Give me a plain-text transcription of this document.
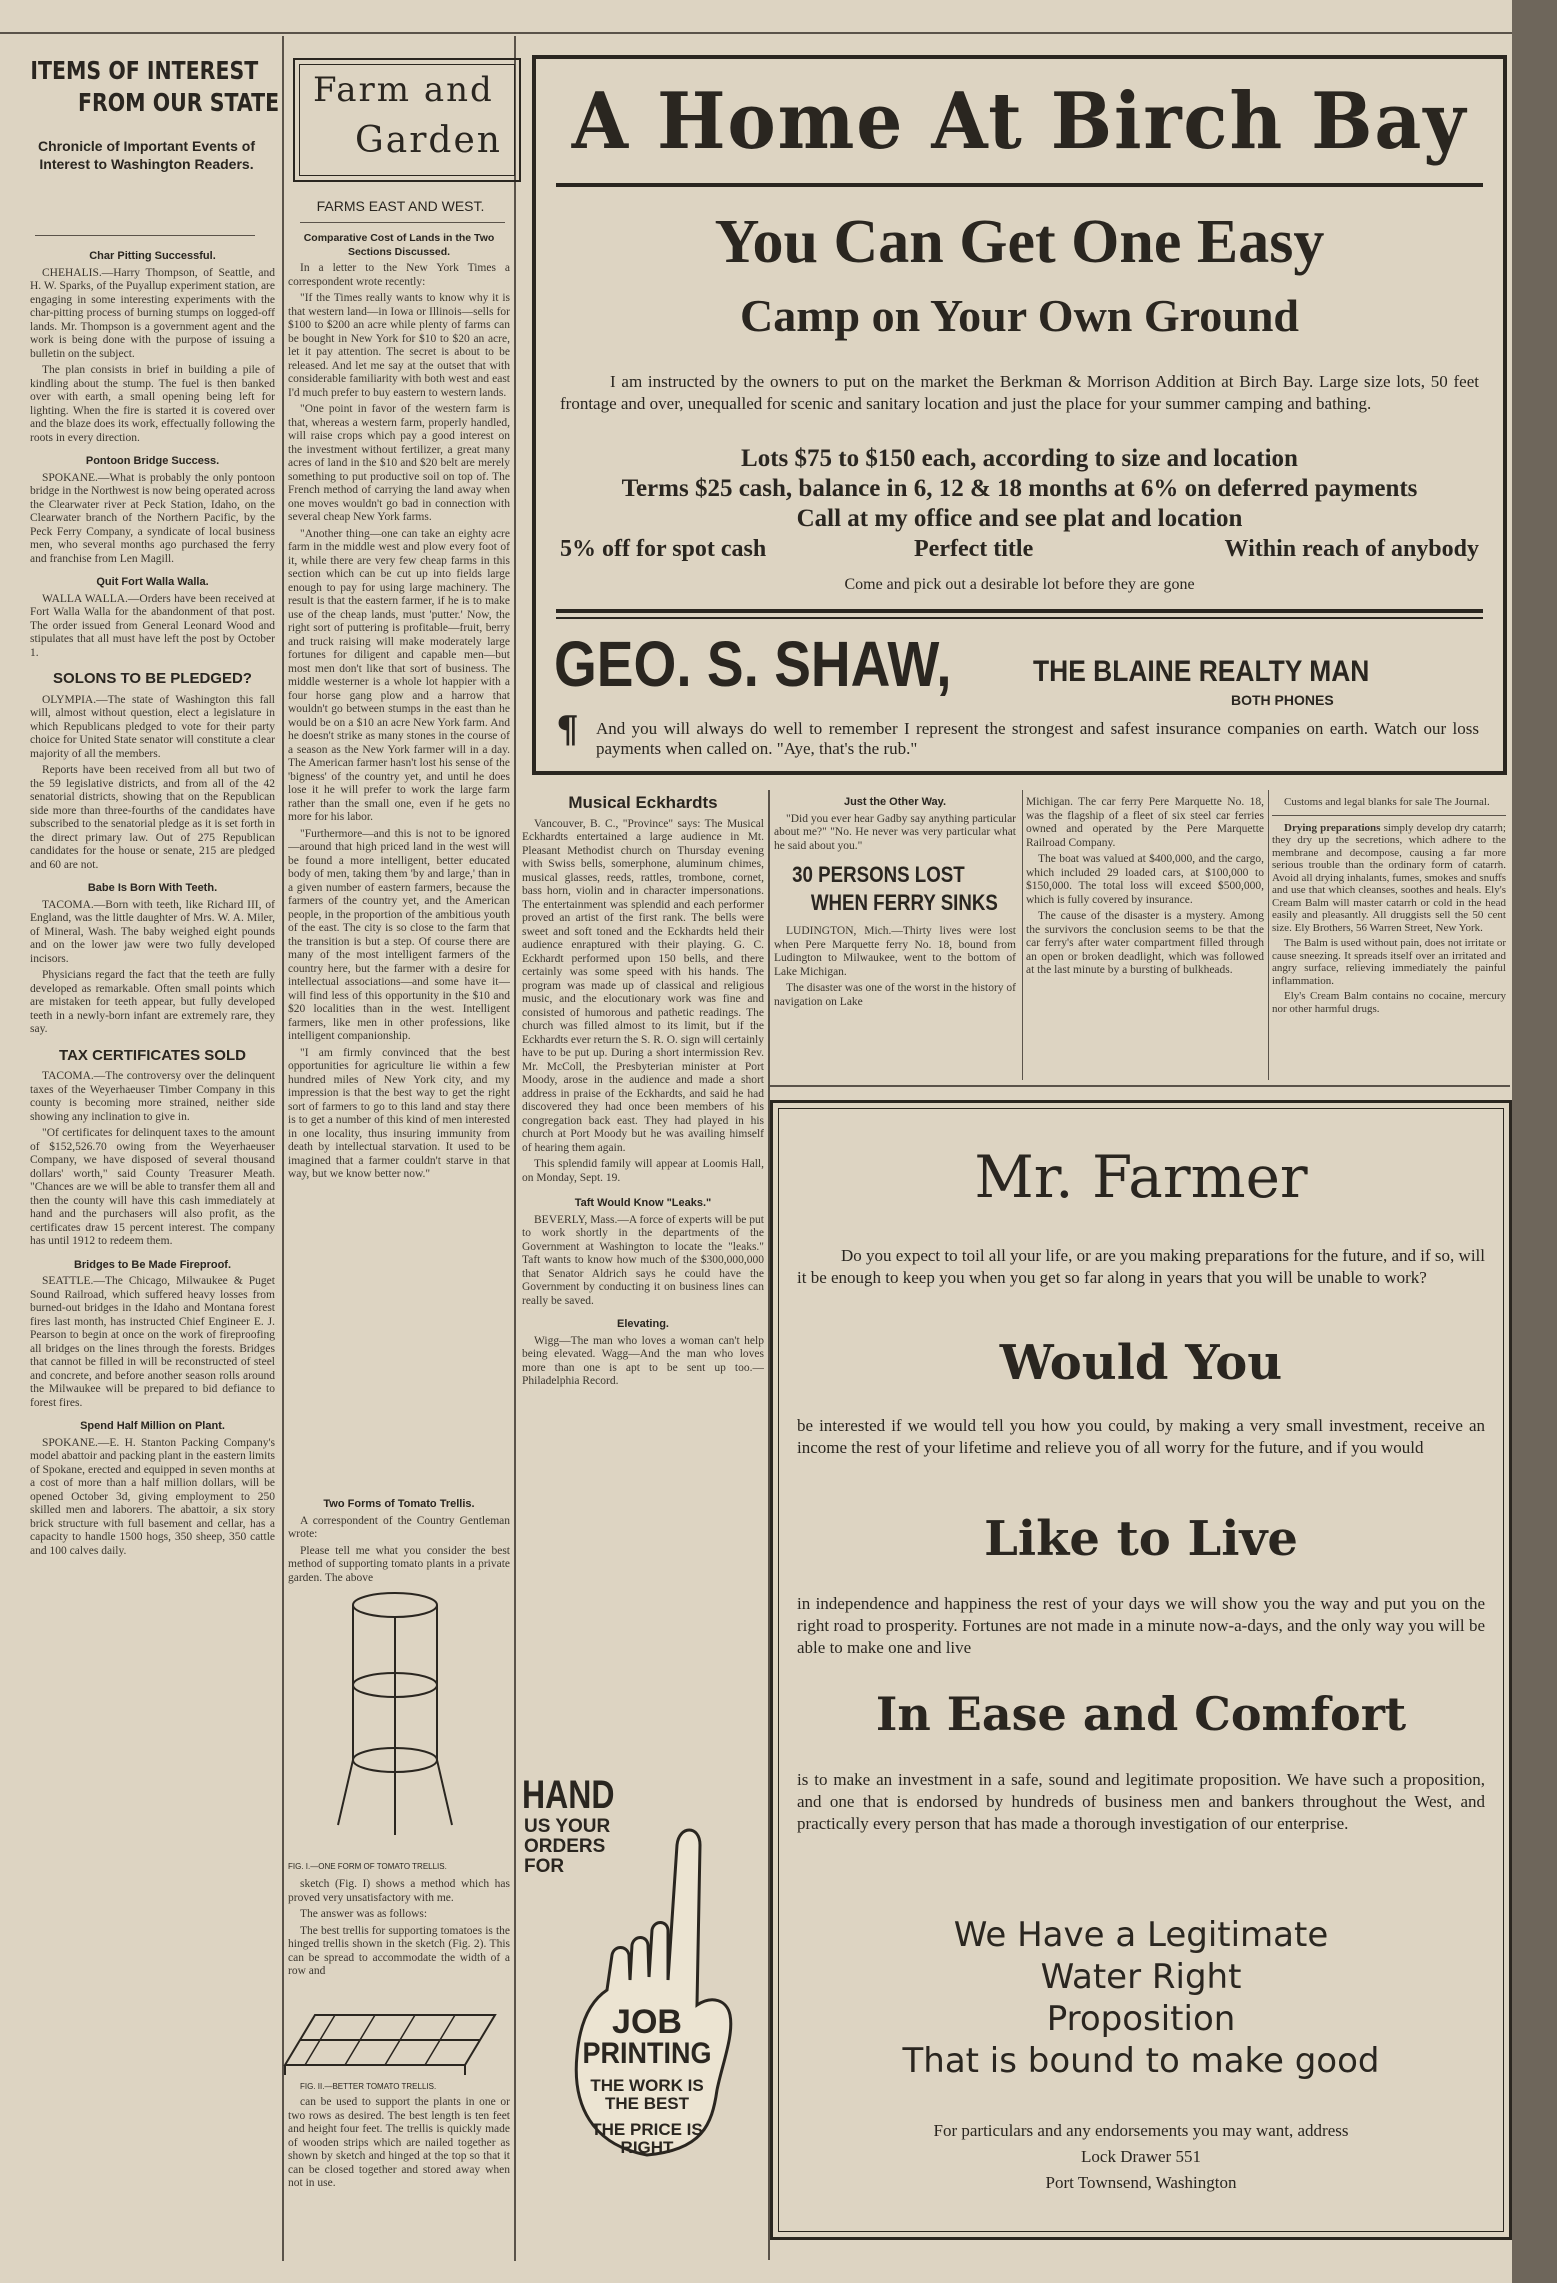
ITEMS OF INTEREST
FROM OUR STATE
Chronicle of Important Events of Interest to Washington Readers.
Char Pitting Successful.

CHEHALIS.—Harry Thompson, of Seattle, and H. W. Sparks, of the Puyallup experiment station, are engaging in some interesting experiments with the char-pitting process of burning stumps on logged-off lands. Mr. Thompson is a government agent and the work is being done with the purpose of issuing a bulletin on the subject.

The plan consists in brief in building a pile of kindling about the stump. The fuel is then banked over with earth, a small opening being left for lighting. When the fire is started it is covered over and the blaze does its work, effectually following the roots in every direction.

Pontoon Bridge Success.

SPOKANE.—What is probably the only pontoon bridge in the Northwest is now being operated across the Clearwater river at Peck Station, Idaho, on the Clearwater branch of the Northern Pacific, by the Peck Ferry Company, a syndicate of local business men, who several months ago purchased the ferry and franchise from Len Magill.

Quit Fort Walla Walla.

WALLA WALLA.—Orders have been received at Fort Walla Walla for the abandonment of that post. The order issued from General Leonard Wood and stipulates that all must have left the post by October 1.

SOLONS TO BE PLEDGED?

OLYMPIA.—The state of Washington this fall will, almost without question, elect a legislature in which Republicans pledged to vote for their party choice for United State senator will constitute a clear majority of all the members.

Reports have been received from all but two of the 59 legislative districts, and from all of the 42 senatorial districts, showing that on the Republican side more than three-fourths of the candidates have subscribed to the senatorial pledge as it is set forth in the direct primary law. Out of 275 Republican candidates for the house or senate, 215 are pledged and 60 are not.

Babe Is Born With Teeth.

TACOMA.—Born with teeth, like Richard III, of England, was the little daughter of Mrs. W. A. Miler, of Mineral, Wash. The baby weighed eight pounds and on the lower jaw were two fully developed incisors.

Physicians regard the fact that the teeth are fully developed as remarkable. Often small points which are mistaken for teeth appear, but fully developed teeth in a newly-born infant are extremely rare, they say.

TAX CERTIFICATES SOLD

TACOMA.—The controversy over the delinquent taxes of the Weyerhaeuser Timber Company in this county is becoming more strained, neither side showing any inclination to give in.

"Of certificates for delinquent taxes to the amount of $152,526.70 owing from the Weyerhaeuser Company, we have disposed of several thousand dollars' worth," said County Treasurer Meath. "Chances are we will be able to transfer them all and then the county will have this cash immediately at hand and the purchasers will also profit, as the certificates draw 15 percent interest. The company has until 1912 to redeem them.

Bridges to Be Made Fireproof.

SEATTLE.—The Chicago, Milwaukee & Puget Sound Railroad, which suffered heavy losses from burned-out bridges in the Idaho and Montana forest fires last month, has instructed Chief Engineer E. J. Pearson to begin at once on the work of fireproofing all bridges on the lines through the forests. Bridges that cannot be filled in will be reconstructed of steel and concrete, and before another season rolls around the Milwaukee will be prepared to bid defiance to forest fires.

Spend Half Million on Plant.

SPOKANE.—E. H. Stanton Packing Company's model abattoir and packing plant in the eastern limits of Spokane, erected and equipped in seven months at a cost of more than a half million dollars, will be opened October 3d, giving employment to 250 skilled men and laborers. The abattoir, a six story brick structure with full basement and cellar, has a capacity to handle 1500 hogs, 350 sheep, 350 cattle and 100 calves daily.

Farm and
Garden
FARMS EAST AND WEST.
Comparative Cost of Lands in the Two Sections Discussed.

In a letter to the New York Times a correspondent wrote recently:

"If the Times really wants to know why it is that western land—in Iowa or Illinois—sells for $100 to $200 an acre while plenty of farms can be bought in New York for $10 to $20 an acre, let it pay attention. The secret is about to be released. And let me say at the outset that with considerable familiarity with both west and east I'd much prefer to buy eastern to western lands.

"One point in favor of the western farm is that, whereas a western farm, properly handled, will raise crops which pay a good interest on the investment without fertilizer, a great many acres of land in the $10 and $20 belt are merely something to put productive soil on top of. The French method of carrying the land away when one moves wouldn't go bad in connection with several cheap New York farms.

"Another thing—one can take an eighty acre farm in the middle west and plow every foot of it, while there are very few cheap farms in this section which can be cut up into fields large enough to pay for using large machinery. The result is that the eastern farmer, if he is to make use of the cheap lands, must 'putter.' Now, the right sort of puttering is profitable—fruit, berry and truck raising will make moderately large fortunes for diligent and capable men—but most men don't like that sort of business. The middle westerner is a whole lot happier with a four horse gang plow and a harrow that wouldn't go between stumps in the east than he would be on a $10 an acre New York farm. And he doesn't strike as many stones in the course of a season as the New York farmer will in a day. The American farmer hasn't lost his sense of the 'bigness' of the country yet, and until he does lose it he will prefer to work the large farm rather than the small one, even if he gets no more for his labor.

"Furthermore—and this is not to be ignored—around that high priced land in the west will be found a more intelligent, better educated body of men, taking them 'by and large,' than in a given number of eastern farmers, because the farmers of the country yet, and the American people, in the proportion of the ambitious youth of the east. The city is so close to the farm that the transition is but a step. Of course there are many of the most intelligent farmers of the country here, but the farmer with a desire for intellectual associations—and some have it—will find less of this opportunity in the $10 and $20 localities than in the west. Intelligent farmers, like men in other professions, like intelligent companionship.

"I am firmly convinced that the best opportunities for agriculture lie within a few hundred miles of New York city, and my impression is that the best way to get the right sort of farmers to go to this land and stay there is to get a number of this kind of men interested in one locality, thus insuring immunity from death by intellectual starvation. It used to be imagined that a farmer couldn't starve in that way, but we know better now."

Two Forms of Tomato Trellis.

A correspondent of the Country Gentleman wrote:

Please tell me what you consider the best method of supporting tomato plants in a private garden. The above

FIG. I.—ONE FORM OF TOMATO TRELLIS.

sketch (Fig. I) shows a method which has proved very unsatisfactory with me.

The answer was as follows:

The best trellis for supporting tomatoes is the hinged trellis shown in the sketch (Fig. 2). This can be spread to accommodate the width of a row and

FIG. II.—BETTER TOMATO TRELLIS.

can be used to support the plants in one or two rows as desired. The best length is ten feet and height four feet. The trellis is quickly made of wooden strips which are nailed together as shown by sketch and hinged at the top so that it can be closed together and stored away when not in use.

A Home At Birch Bay
You Can Get One Easy
Camp on Your Own Ground
I am instructed by the owners to put on the market the Berkman & Morrison Addition at Birch Bay. Large size lots, 50 feet frontage and over, unequalled for scenic and sanitary location and just the place for your summer camping and bathing.
Lots $75 to $150 each, according to size and location
Terms $25 cash, balance in 6, 12 & 18 months at 6% on deferred payments
Call at my office and see plat and location
5% off for spot cash	Perfect title	Within reach of anybody
Come and pick out a desirable lot before they are gone
GEO. S. SHAW,	THE BLAINE REALTY MAN
BOTH PHONES
¶ And you will always do well to remember I represent the strongest and safest insurance companies on earth. Watch our loss payments when called on. "Aye, that's the rub."
Musical Eckhardts

Vancouver, B. C., "Province" says: The Musical Eckhardts entertained a large audience in Mt. Pleasant Methodist church on Thursday evening with Swiss bells, somerphone, aluminum chimes, musical glasses, reeds, rattles, trombone, cornet, bass horn, violin and in character impersonations. The entertainment was splendid and each performer proved an artist of the first rank. The bells were sweet and soft toned and the Eckhardts held their audience enraptured with their playing. G. C. Eckhardt performed upon 150 bells, and there certainly was some speed with his hands. The program was made up of classical and religious music, and the elocutionary work was fine and consisted of humorous and pathetic readings. The church was filled almost to its limit, but if the Eckhardts ever return the S. R. O. sign will certainly have to be put up. During a short intermission Rev. Mr. McColl, the Presbyterian minister at Port Moody, arose in the audience and made a short address in praise of the Eckhardts, and said he had discovered they had once been members of his congregation back east. They had played in his church at Port Moody but he was availing himself of hearing them again.

This splendid family will appear at Loomis Hall, on Monday, Sept. 19.

Taft Would Know "Leaks."

BEVERLY, Mass.—A force of experts will be put to work shortly in the departments of the Government at Washington to locate the "leaks." Taft wants to know how much of the $300,000,000 that Senator Aldrich says he could have the Government by conducting it on business lines can really be saved.

Elevating.

Wigg—The man who loves a woman can't help being elevated. Wagg—And the man who loves more than one is apt to be sent up too.—Philadelphia Record.

HAND
US YOUR
ORDERS
FOR
JOB
PRINTING
THE WORK IS
THE BEST
THE PRICE IS
RIGHT
Just the Other Way.

"Did you ever hear Gadby say anything particular about me?" "No. He never was very particular what he said about you."

30 PERSONS LOST
WHEN FERRY SINKS

LUDINGTON, Mich.—Thirty lives were lost when Pere Marquette ferry No. 18, bound from Ludington to Milwaukee, went to the bottom of Lake Michigan.

The disaster was one of the worst in the history of navigation on Lake

Michigan. The car ferry Pere Marquette No. 18, was the flagship of a fleet of six steel car ferries owned and operated by the Pere Marquette Railroad Company.

The boat was valued at $400,000, and the cargo, which included 29 loaded cars, at $100,000 to $150,000. The total loss will exceed $500,000, which is fully covered by insurance.

The cause of the disaster is a mystery. Among the survivors the conclusion seems to be that the car ferry's after water compartment filled through an open or broken deadlight, which was followed at the last minute by a bursting of bulkheads.

Customs and legal blanks for sale The Journal.

Drying preparations simply develop dry catarrh; they dry up the secretions, which adhere to the membrane and decompose, causing a far more serious trouble than the ordinary form of catarrh. Avoid all drying inhalants, fumes, smokes and snuffs and use that which cleanses, soothes and heals. Ely's Cream Balm will master catarrh or cold in the head easily and pleasantly. All druggists sell the 50 cent size. Ely Brothers, 56 Warren Street, New York.

The Balm is used without pain, does not irritate or cause sneezing. It spreads itself over an irritated and angry surface, relieving immediately the painful inflammation.

Ely's Cream Balm contains no cocaine, mercury nor other harmful drugs.

Mr. Farmer
Do you expect to toil all your life, or are you making preparations for the future, and if so, will it be enough to keep you when you get so far along in years that you will be unable to work?
Would You
be interested if we would tell you how you could, by making a very small investment, receive an income the rest of your lifetime and relieve you of all worry for the future, and if you would
Like to Live
in independence and happiness the rest of your days we will show you the way and put you on the right road to prosperity. Fortunes are not made in a minute now-a-days, and the only way you will be able to make one and live
In Ease and Comfort
is to make an investment in a safe, sound and legitimate proposition. We have such a proposition, and one that is endorsed by hundreds of business men and bankers throughout the West, and practically every person that has made a thorough investigation of our enterprise.
We Have a Legitimate
Water Right
Proposition
That is bound to make good
For particulars and any endorsements you may want, address
Lock Drawer 551
Port Townsend, Washington
